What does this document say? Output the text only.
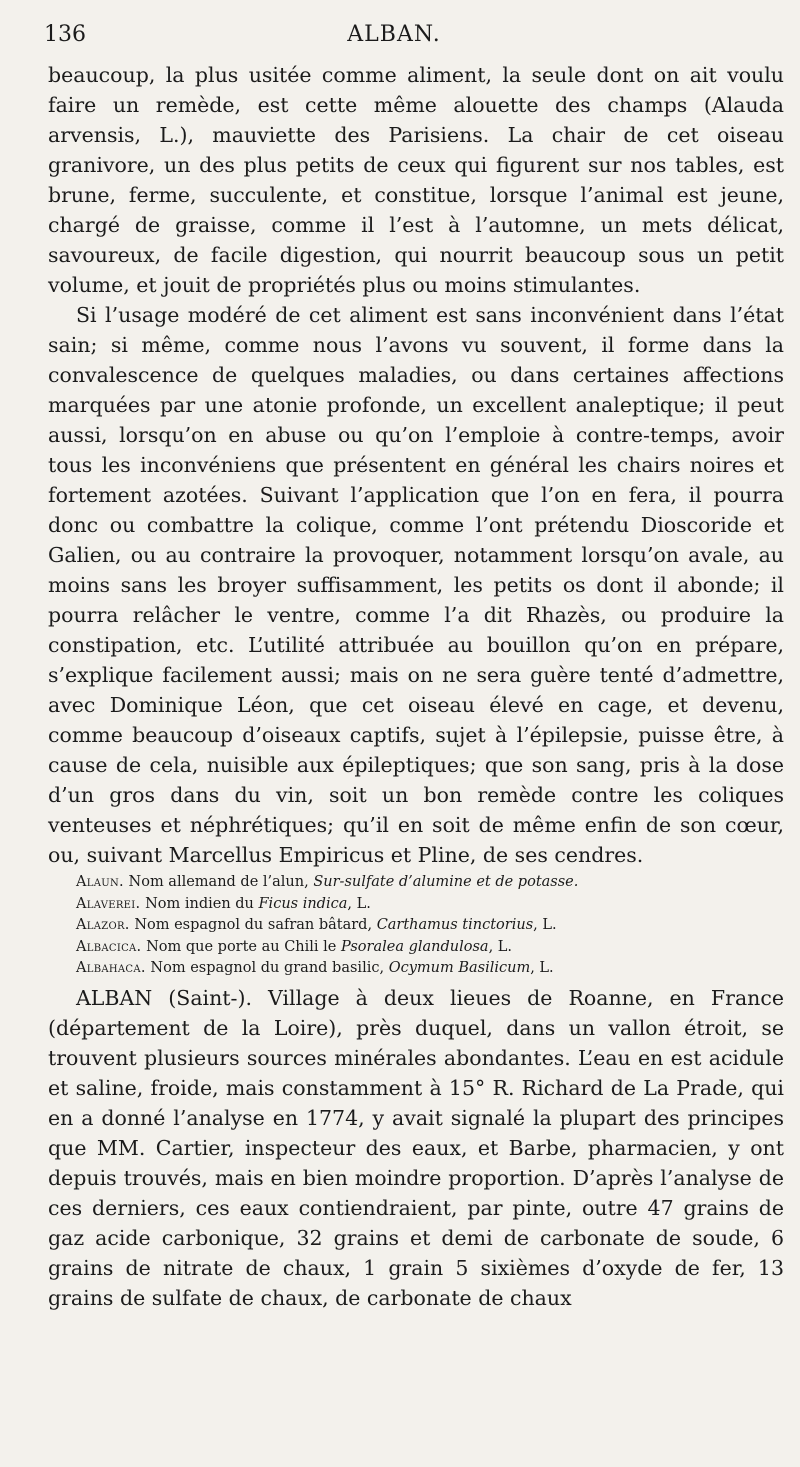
136	ALBAN.

beaucoup, la plus usitée comme aliment, la seule dont on ait voulu faire un remède, est cette même alouette des champs (Alauda arvensis, L.), mauviette des Parisiens. La chair de cet oiseau granivore, un des plus petits de ceux qui figurent sur nos tables, est brune, ferme, succulente, et constitue, lorsque l’animal est jeune, chargé de graisse, comme il l’est à l’automne, un mets délicat, savoureux, de facile digestion, qui nourrit beaucoup sous un petit volume, et jouit de propriétés plus ou moins stimulantes.

Si l’usage modéré de cet aliment est sans inconvénient dans l’état sain; si même, comme nous l’avons vu souvent, il forme dans la convalescence de quelques maladies, ou dans certaines affections marquées par une atonie profonde, un excellent analeptique; il peut aussi, lorsqu’on en abuse ou qu’on l’emploie à contre-temps, avoir tous les inconvéniens que présentent en général les chairs noires et fortement azotées. Suivant l’application que l’on en fera, il pourra donc ou combattre la colique, comme l’ont prétendu Dioscoride et Galien, ou au contraire la provoquer, notamment lorsqu’on avale, au moins sans les broyer suffisamment, les petits os dont il abonde; il pourra relâcher le ventre, comme l’a dit Rhazès, ou produire la constipation, etc. L’utilité attribuée au bouillon qu’on en prépare, s’explique facilement aussi; mais on ne sera guère tenté d’admettre, avec Dominique Léon, que cet oiseau élevé en cage, et devenu, comme beaucoup d’oiseaux captifs, sujet à l’épilepsie, puisse être, à cause de cela, nuisible aux épileptiques; que son sang, pris à la dose d’un gros dans du vin, soit un bon remède contre les coliques venteuses et néphrétiques; qu’il en soit de même enfin de son cœur, ou, suivant Marcellus Empiricus et Pline, de ses cendres.

Alaun. Nom allemand de l’alun, Sur-sulfate d’alumine et de potasse.

Alaverei. Nom indien du Ficus indica, L.

Alazor. Nom espagnol du safran bâtard, Carthamus tinctorius, L.

Albacica. Nom que porte au Chili le Psoralea glandulosa, L.

Albahaca. Nom espagnol du grand basilic, Ocymum Basilicum, L.

ALBAN (Saint-). Village à deux lieues de Roanne, en France (département de la Loire), près duquel, dans un vallon étroit, se trouvent plusieurs sources minérales abondantes. L’eau en est acidule et saline, froide, mais constamment à 15° R. Richard de La Prade, qui en a donné l’analyse en 1774, y avait signalé la plupart des principes que MM. Cartier, inspecteur des eaux, et Barbe, pharmacien, y ont depuis trouvés, mais en bien moindre proportion. D’après l’analyse de ces derniers, ces eaux contiendraient, par pinte, outre 47 grains de gaz acide carbonique, 32 grains et demi de carbonate de soude, 6 grains de nitrate de chaux, 1 grain 5 sixièmes d’oxyde de fer, 13 grains de sulfate de chaux, de carbonate de chaux
